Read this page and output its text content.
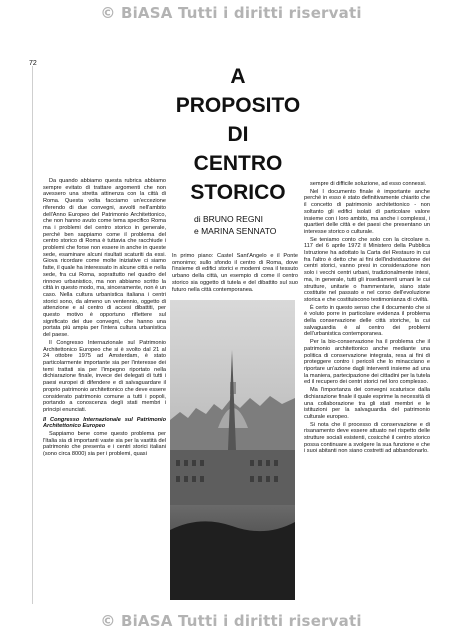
© BiASA Tutti i diritti riservati
72
A
PROPOSITO
DI
CENTRO
STORICO
di BRUNO REGNI
e MARINA SENNATO

Da quando abbiamo questa rubrica abbiamo sempre evitato di trattare argomenti che non avessero una stretta attinenza con la città di Roma. Questa volta facciamo un'eccezione riferendo di due convegni, avvolti nell'ambito dell'Anno Europeo del Patrimonio Architettonico, che non hanno avuto come tema specifico Roma ma i problemi del centro storico in generale, perché ben sappiamo come il problema del centro storico di Roma è tuttavia che racchiude i problemi che forse non essere in anche in queste sede, esaminare alcuni risultati scaturiti da essi. Giova ricordare come molte iniziative ci siamo fatte, il quale ha interessato in alcune città e nella sede, fra cui Roma, soprattutto nel quadro del rinnovo urbanistico, ma non abbiamo scritto la città in questo modo, ma, sinceramente, non è un caso. Nella cultura urbanistica italiana i centri storici sono, da almeno un ventennio, oggetto di attenzione e al centro di accesi dibattiti, per questo motivo è opportuno riflettere sul significato dei due convegni, che hanno una portata più ampia per l'intera cultura urbanistica del paese.

Il Congresso Internazionale sul Patrimonio Architettonico Europeo che si è svolto dal 21 al 24 ottobre 1975 ad Amsterdam, è stato particolarmente importante sia per l'interesse dei temi trattati sia per l'impegno riportato nella dichiarazione finale, invece dei delegati di tutti i paesi europei di difendere e di salvaguardare il proprio patrimonio architettonico che deve essere considerato patrimonio comune a tutti i popoli, portando a conoscenza degli stati membri i principi enunciati.

Il Congresso Internazionale sul Patrimonio Architettonico Europeo

Sappiamo bene come questo problema per l'Italia sia di importanti vaste sia per la vastità del patrimonio che presenta e i centri storici italiani (sono circa 8000) sia per i problemi, quasi

In primo piano: Castel Sant'Angelo e il Ponte omonimo; sullo sfondo il centro di Roma, dove l'insieme di edifici storici e moderni crea il tessuto urbano della città, un esempio di come il centro storico sia oggetto di tutela e del dibattito sul suo futuro nella città contemporanea.

sempre di difficile soluzione, ad esso connessi.

Nel I documento finale è importante anche perché in esso è stato definitivamente chiarito che il concetto di patrimonio architettonico - non soltanto gli edifici isolati di particolare valore insieme con i loro ambito, ma anche i complessi, i quartieri delle città e dei paesi che presentano un interesse storico o culturale.

Se teniamo conto che solo con la circolare n. 117 del 6 aprile 1972 il Ministero della Pubblica Istruzione ha adottato la Carta del Restauro in cui fra l'altro è detto che ai fini dell'individuazione dei centri storici, vanno presi in considerazione non solo i vecchi centri urbani, tradizionalmente intesi, ma, in generale, tutti gli insediamenti umani le cui strutture, unitarie o frammentarie, siano state costituite nel passato e nel corso dell'evoluzione storica e che costituiscono testimonianza di civiltà.

È certo in questo senso che il documento che si è voluto porre in particolare evidenza il problema della conservazione delle città storiche, la cui salvaguardia è al centro dei problemi dell'urbanistica contemporanea.

Per la bio-conservazione ha il problema che il patrimonio architettonico anche mediante una politica di conservazione integrata, resa ai fini di proteggere contro i pericoli che lo minacciano e riportare un'azione dagli interventi insieme ad una la maniera, partecipazione dei cittadini per la tutela ed il recupero dei centri storici nel loro complesso.

Ma l'importanza dei convegni scaturisce dalla dichiarazione finale il quale esprime la necessità di una collaborazione tra gli stati membri e le istituzioni per la salvaguardia del patrimonio culturale europeo.

Si nota che il processo di conservazione e di risanamento deve essere attuato nel rispetto delle strutture sociali esistenti, cosicché il centro storico possa continuare a svolgere la sua funzione e che i suoi abitanti non siano costretti ad abbandonarlo.

© BiASA Tutti i diritti riservati
